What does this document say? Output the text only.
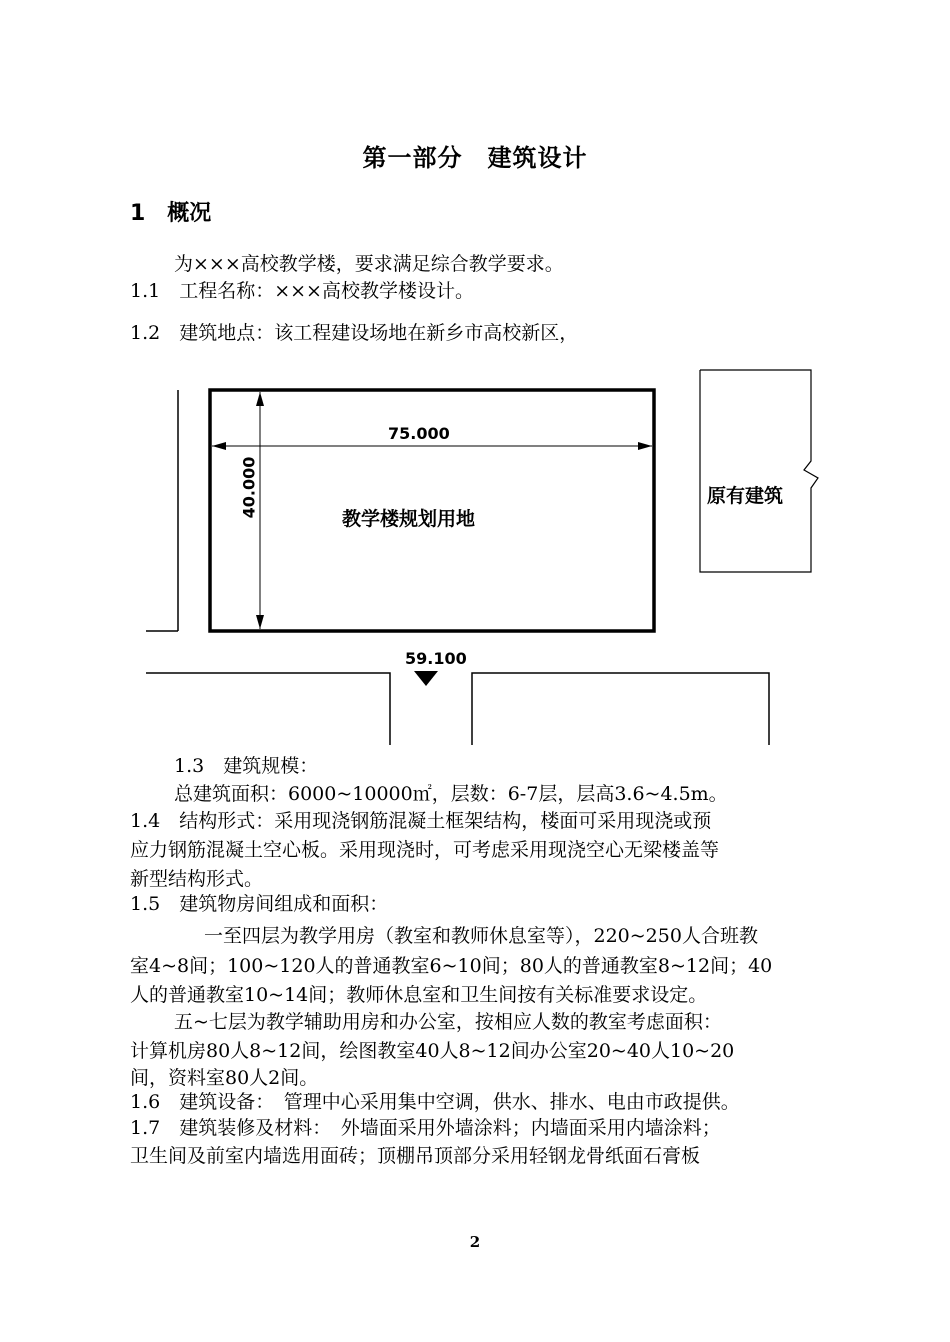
第一部分　建筑设计
1　概况
为×××高校教学楼，要求满足综合教学要求。
1.1　工程名称：×××高校教学楼设计。
1.2　建筑地点：该工程建设场地在新乡市高校新区，
75.000
40.000
教学楼规划用地
原有建筑
59.100
1.3　建筑规模：
总建筑面积：6000~10000㎡，层数：6-7层，层高3.6~4.5m。
1.4　结构形式：采用现浇钢筋混凝土框架结构，楼面可采用现浇或预
应力钢筋混凝土空心板。采用现浇时，可考虑采用现浇空心无梁楼盖等
新型结构形式。
1.5　建筑物房间组成和面积：
一至四层为教学用房（教室和教师休息室等），220~250人合班教
室4~8间；100~120人的普通教室6~10间；80人的普通教室8~12间；40
人的普通教室10~14间；教师休息室和卫生间按有关标准要求设定。
五~七层为教学辅助用房和办公室，按相应人数的教室考虑面积：
计算机房80人8~12间，绘图教室40人8~12间办公室20~40人10~20
间，资料室80人2间。
1.6　建筑设备：　管理中心采用集中空调，供水、排水、电由市政提供。
1.7　建筑装修及材料：　外墙面采用外墙涂料；内墙面采用内墙涂料；
卫生间及前室内墙选用面砖；顶棚吊顶部分采用轻钢龙骨纸面石膏板
2
